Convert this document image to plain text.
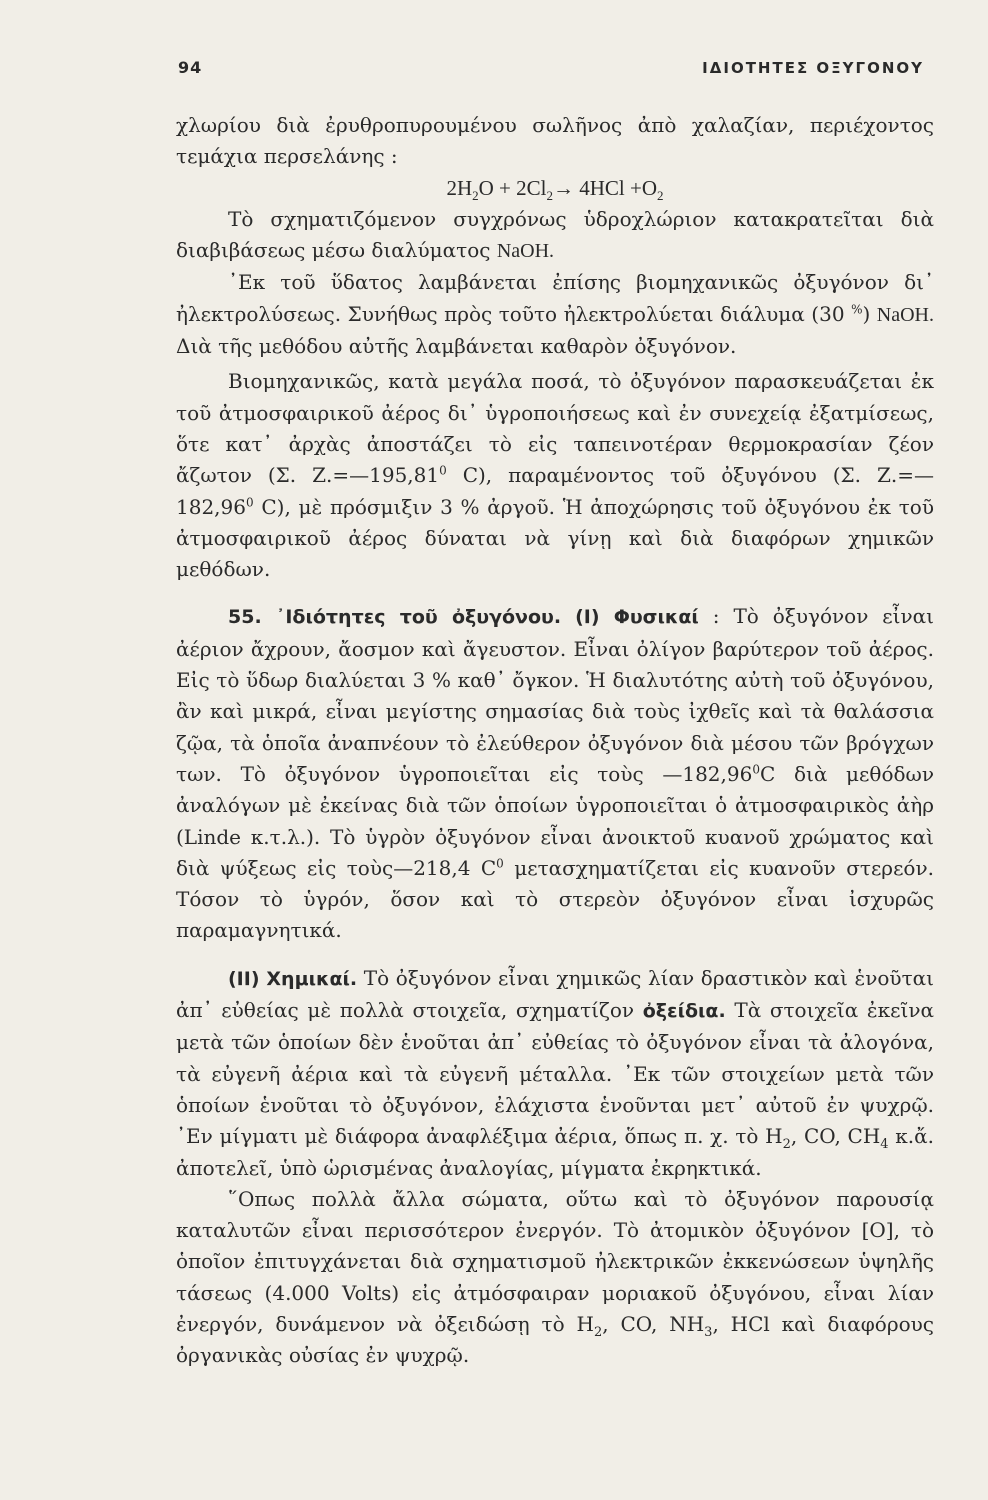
94	ΙΔΙΟΤΗΤΕΣ ΟΞΥΓΟΝΟΥ

χλωρίου διὰ ἐρυθροπυρουμένου σωλῆνος ἀπὸ χαλαζίαν, περιέχοντος τεμάχια περσελάνης :

$2H_2O + 2Cl_2\to 4HCl +O_2$

Τὸ σχηματιζόμενον συγχρόνως ὑδροχλώριον κατακρατεῖται διὰ διαβιβάσεως μέσω διαλύματος NaOH.

᾽Εκ τοῦ ὕδατος λαμβάνεται ἐπίσης βιομηχανικῶς ὀξυγόνον δι᾽ ἠλεκτρολύσεως. Συνήθως πρὸς τοῦτο ἠλεκτρολύεται διάλυμα (30 %) NaOH. Διὰ τῆς μεθόδου αὐτῆς λαμβάνεται καθαρὸν ὀξυγόνον.

Βιομηχανικῶς, κατὰ μεγάλα ποσά, τὸ ὀξυγόνον παρασκευάζεται ἐκ τοῦ ἀτμοσφαιρικοῦ ἀέρος δι᾽ ὑγροποιήσεως καὶ ἐν συνεχείᾳ ἐξατμίσεως, ὅτε κατ᾽ ἀρχὰς ἀποστάζει τὸ εἰς ταπεινοτέραν θερμοκρασίαν ζέον ἄζωτον (Σ. $Z.=—195,81^0$ C), παραμένοντος τοῦ ὀξυγόνου (Σ. $Z.=—182,96^0$ C), μὲ πρόσμιξιν 3 % ἀργοῦ. Ἡ ἀποχώρησις τοῦ ὀξυγόνου ἐκ τοῦ ἀτμοσφαιρικοῦ ἀέρος δύναται νὰ γίνῃ καὶ διὰ διαφόρων χημικῶν μεθόδων.

55. ᾽Ιδιότητες τοῦ ὀξυγόνου. (Ι) Φυσικαί : Τὸ ὀξυγόνον εἶναι ἀέριον ἄχρουν, ἄοσμον καὶ ἄγευστον. Εἶναι ὀλίγον βαρύτερον τοῦ ἀέρος. Εἰς τὸ ὕδωρ διαλύεται 3 % καθ᾽ ὄγκον. Ἡ διαλυτότης αὐτὴ τοῦ ὀξυγόνου, ἂν καὶ μικρά, εἶναι μεγίστης σημασίας διὰ τοὺς ἰχθεῖς καὶ τὰ θαλάσσια ζῷα, τὰ ὁποῖα ἀναπνέουν τὸ ἐλεύθερον ὀξυγόνον διὰ μέσου τῶν βρόγχων των. Τὸ ὀξυγόνον ὑγροποιεῖται εἰς τοὺς —182,96$^0$C διὰ μεθόδων ἀναλόγων μὲ ἐκείνας διὰ τῶν ὁποίων ὑγροποιεῖται ὁ ἀτμοσφαιρικὸς ἀὴρ (Linde κ.τ.λ.). Τὸ ὑγρὸν ὀξυγόνον εἶναι ἀνοικτοῦ κυανοῦ χρώματος καὶ διὰ ψύξεως εἰς τοὺς—218,4 $C^0$ μετασχηματίζεται εἰς κυανοῦν στερεόν. Τόσον τὸ ὑγρόν, ὅσον καὶ τὸ στερεὸν ὀξυγόνον εἶναι ἰσχυρῶς παραμαγνητικά.

(ΙΙ) Χημικαί. Τὸ ὀξυγόνον εἶναι χημικῶς λίαν δραστικὸν καὶ ἑνοῦται ἀπ᾽ εὐθείας μὲ πολλὰ στοιχεῖα, σχηματίζον ὀξείδια. Τὰ στοιχεῖα ἐκεῖνα μετὰ τῶν ὁποίων δὲν ἑνοῦται ἀπ᾽ εὐθείας τὸ ὀξυγόνον εἶναι τὰ ἀλογόνα, τὰ εὐγενῆ ἀέρια καὶ τὰ εὐγενῆ μέταλλα. ᾽Εκ τῶν στοιχείων μετὰ τῶν ὁποίων ἑνοῦται τὸ ὀξυγόνον, ἐλάχιστα ἑνοῦνται μετ᾽ αὐτοῦ ἐν ψυχρῷ. ᾽Εν μίγματι μὲ διάφορα ἀναφλέξιμα ἀέρια, ὅπως π. χ. τὸ $H_2$, CO, $CH_4$ κ.ἄ. ἀποτελεῖ, ὑπὸ ὡρισμένας ἀναλογίας, μίγματα ἐκρηκτικά.

῞Οπως πολλὰ ἄλλα σώματα, οὕτω καὶ τὸ ὀξυγόνον παρουσίᾳ καταλυτῶν εἶναι περισσότερον ἐνεργόν. Τὸ ἀτομικὸν ὀξυγόνον [O], τὸ ὁποῖον ἐπιτυγχάνεται διὰ σχηματισμοῦ ἠλεκτρικῶν ἐκκενώσεων ὑψηλῆς τάσεως (4.000 Volts) εἰς ἀτμόσφαιραν μοριακοῦ ὀξυγόνου, εἶναι λίαν ἐνεργόν, δυνάμενον νὰ ὀξειδώσῃ τὸ $H_2$, CO, $NH_3$, HCl καὶ διαφόρους ὀργανικὰς οὐσίας ἐν ψυχρῷ.
